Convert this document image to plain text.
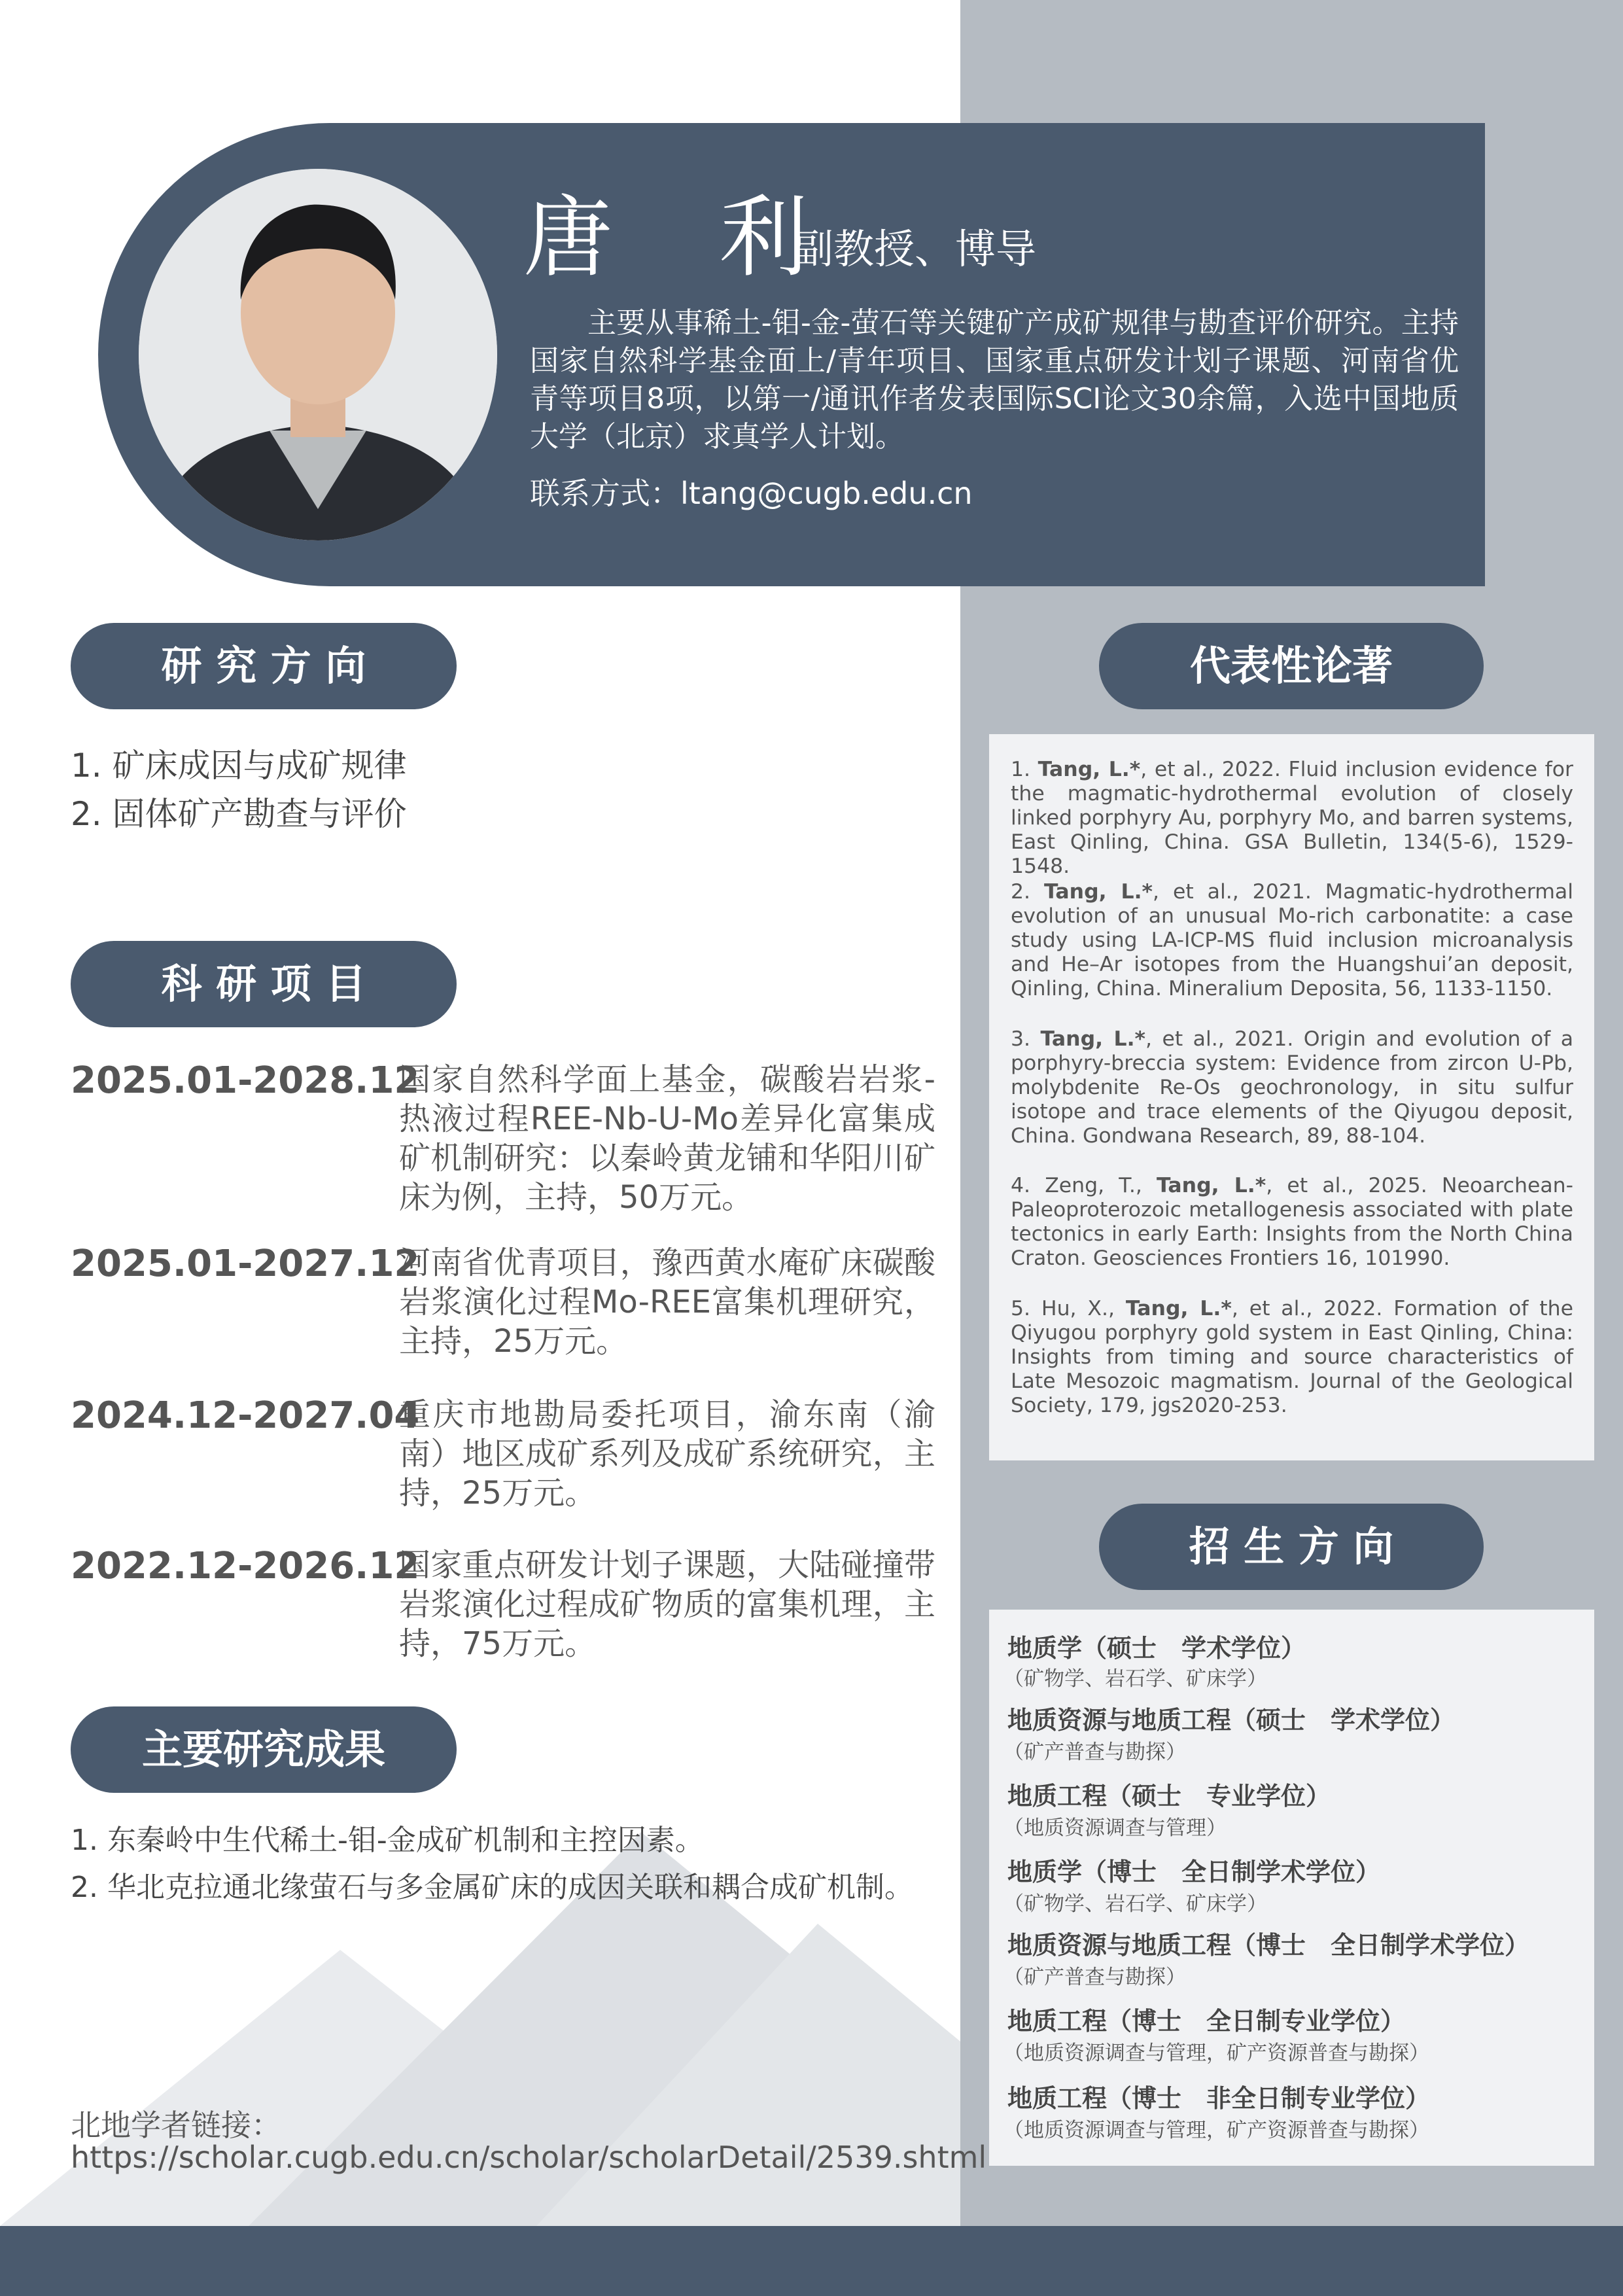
唐 利
副教授、博导
主要从事稀土-钼-金-萤石等关键矿产成矿规律与勘查评价研究。主持国家自然科学基金面上/青年项目、国家重点研发计划子课题、河南省优青等项目8项，以第一/通讯作者发表国际SCI论文30余篇，入选中国地质大学（北京）求真学人计划。
联系方式：ltang@cugb.edu.cn
研 究 方 向
1. 矿床成因与成矿规律
2. 固体矿产勘查与评价
科 研 项 目
2025.01-2028.12
国家自然科学面上基金，碳酸岩岩浆-热液过程REE-Nb-U-Mo差异化富集成矿机制研究：以秦岭黄龙铺和华阳川矿床为例，主持，50万元。
2025.01-2027.12
河南省优青项目，豫西黄水庵矿床碳酸岩浆演化过程Mo-REE富集机理研究，主持，25万元。
2024.12-2027.04
重庆市地勘局委托项目，渝东南（渝南）地区成矿系列及成矿系统研究，主持，25万元。
2022.12-2026.12
国家重点研发计划子课题，大陆碰撞带岩浆演化过程成矿物质的富集机理，主持，75万元。
主要研究成果
1. 东秦岭中生代稀土-钼-金成矿机制和主控因素。
2. 华北克拉通北缘萤石与多金属矿床的成因关联和耦合成矿机制。
北地学者链接：
https://scholar.cugb.edu.cn/scholar/scholarDetail/2539.shtml
代表性论著
1. Tang, L.*, et al., 2022. Fluid inclusion evidence for the magmatic-hydrothermal evolution of closely linked porphyry Au, porphyry Mo, and barren systems, East Qinling, China. GSA Bulletin, 134(5-6), 1529-1548.
2. Tang, L.*, et al., 2021. Magmatic-hydrothermal evolution of an unusual Mo-rich carbonatite: a case study using LA-ICP-MS fluid inclusion microanalysis and He–Ar isotopes from the Huangshui’an deposit, Qinling, China. Mineralium Deposita, 56, 1133-1150.
3. Tang, L.*, et al., 2021. Origin and evolution of a porphyry-breccia system: Evidence from zircon U-Pb, molybdenite Re-Os geochronology, in situ sulfur isotope and trace elements of the Qiyugou deposit, China. Gondwana Research, 89, 88-104.
4. Zeng, T., Tang, L.*, et al., 2025. Neoarchean-Paleoproterozoic metallogenesis associated with plate tectonics in early Earth: Insights from the North China Craton. Geosciences Frontiers 16, 101990.
5. Hu, X., Tang, L.*, et al., 2022. Formation of the Qiyugou porphyry gold system in East Qinling, China: Insights from timing and source characteristics of Late Mesozoic magmatism. Journal of the Geological Society, 179, jgs2020-253.
招 生 方 向
地质学（硕士　学术学位）
（矿物学、岩石学、矿床学）
地质资源与地质工程（硕士　学术学位）
（矿产普查与勘探）
地质工程（硕士　专业学位）
（地质资源调查与管理）
地质学（博士　全日制学术学位）
（矿物学、岩石学、矿床学）
地质资源与地质工程（博士　全日制学术学位）
（矿产普查与勘探）
地质工程（博士　全日制专业学位）
（地质资源调查与管理，矿产资源普查与勘探）
地质工程（博士　非全日制专业学位）
（地质资源调查与管理，矿产资源普查与勘探）
